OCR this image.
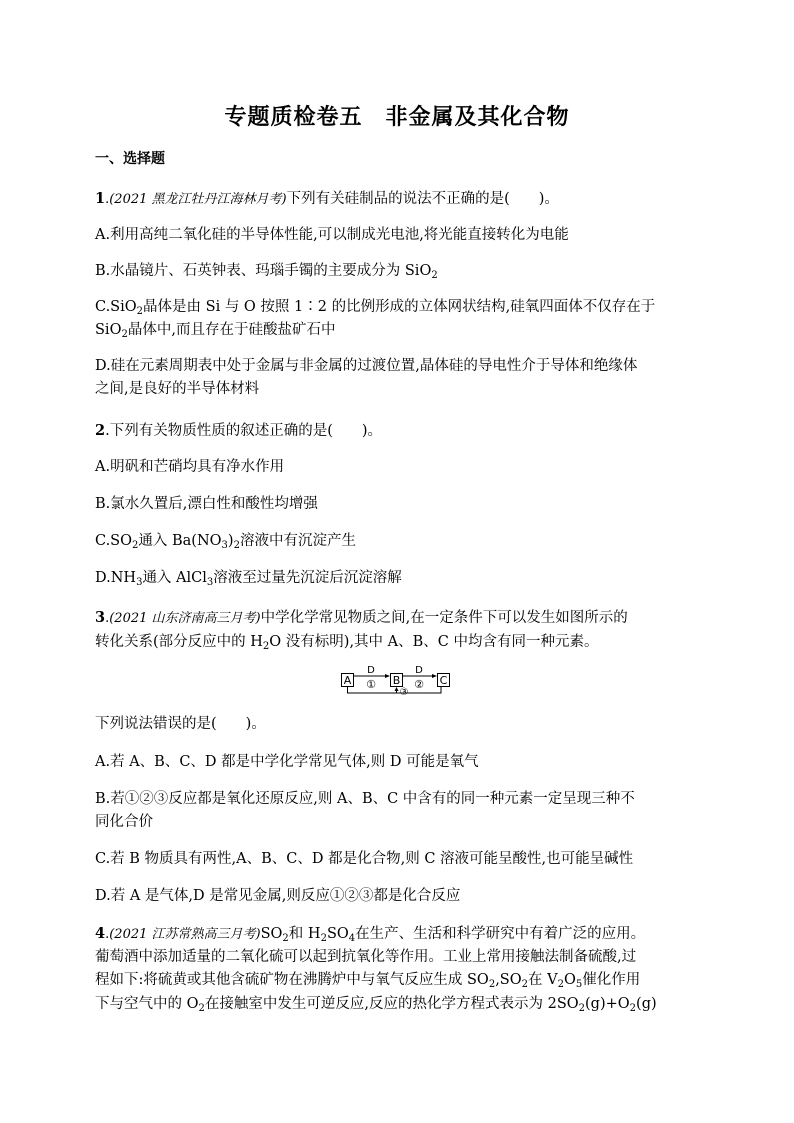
专题质检卷五　非金属及其化合物
一、选择题
1.(2021 黑龙江牡丹江海林月考)下列有关硅制品的说法不正确的是(　　)。
A.利用高纯二氧化硅的半导体性能,可以制成光电池,将光能直接转化为电能
B.水晶镜片、石英钟表、玛瑙手镯的主要成分为 SiO$_2$
C.SiO$_2$晶体是由 Si 与 O 按照 1∶2 的比例形成的立体网状结构,硅氧四面体不仅存在于
SiO$_2$晶体中,而且存在于硅酸盐矿石中
D.硅在元素周期表中处于金属与非金属的过渡位置,晶体硅的导电性介于导体和绝缘体
之间,是良好的半导体材料
2.下列有关物质性质的叙述正确的是(　　)。
A.明矾和芒硝均具有净水作用
B.氯水久置后,漂白性和酸性均增强
$C.SO_2$通入 $Ba(NO_3)_2$溶液中有沉淀产生
$D.NH_3$通入 AlCl$_3$溶液至过量先沉淀后沉淀溶解
3.(2021 山东济南高三月考)中学化学常见物质之间,在一定条件下可以发生如图所示的
转化关系(部分反应中的 $H_2O$ 没有标明),其中 A、B、C 中均含有同一种元素。
A	B	C
D
①
D
②
③
下列说法错误的是(　　)。
A.若 A、B、C、D 都是中学化学常见气体,则 D 可能是氧气
B.若①②③反应都是氧化还原反应,则 A、B、C 中含有的同一种元素一定呈现三种不
同化合价
C.若 B 物质具有两性,A、B、C、D 都是化合物,则 C 溶液可能呈酸性,也可能呈碱性
D.若 A 是气体,D 是常见金属,则反应①②③都是化合反应
4.(2021 江苏常熟高三月考)$SO_2$和 $H_2SO_4$在生产、生活和科学研究中有着广泛的应用。
葡萄酒中添加适量的二氧化硫可以起到抗氧化等作用。工业上常用接触法制备硫酸,过
程如下:将硫黄或其他含硫矿物在沸腾炉中与氧气反应生成 $SO_2,SO_2$在 $V_2O_5$催化作用
下与空气中的 $O_2$在接触室中发生可逆反应,反应的热化学方程式表示为 $2SO_2(g)+O_2(g)$
